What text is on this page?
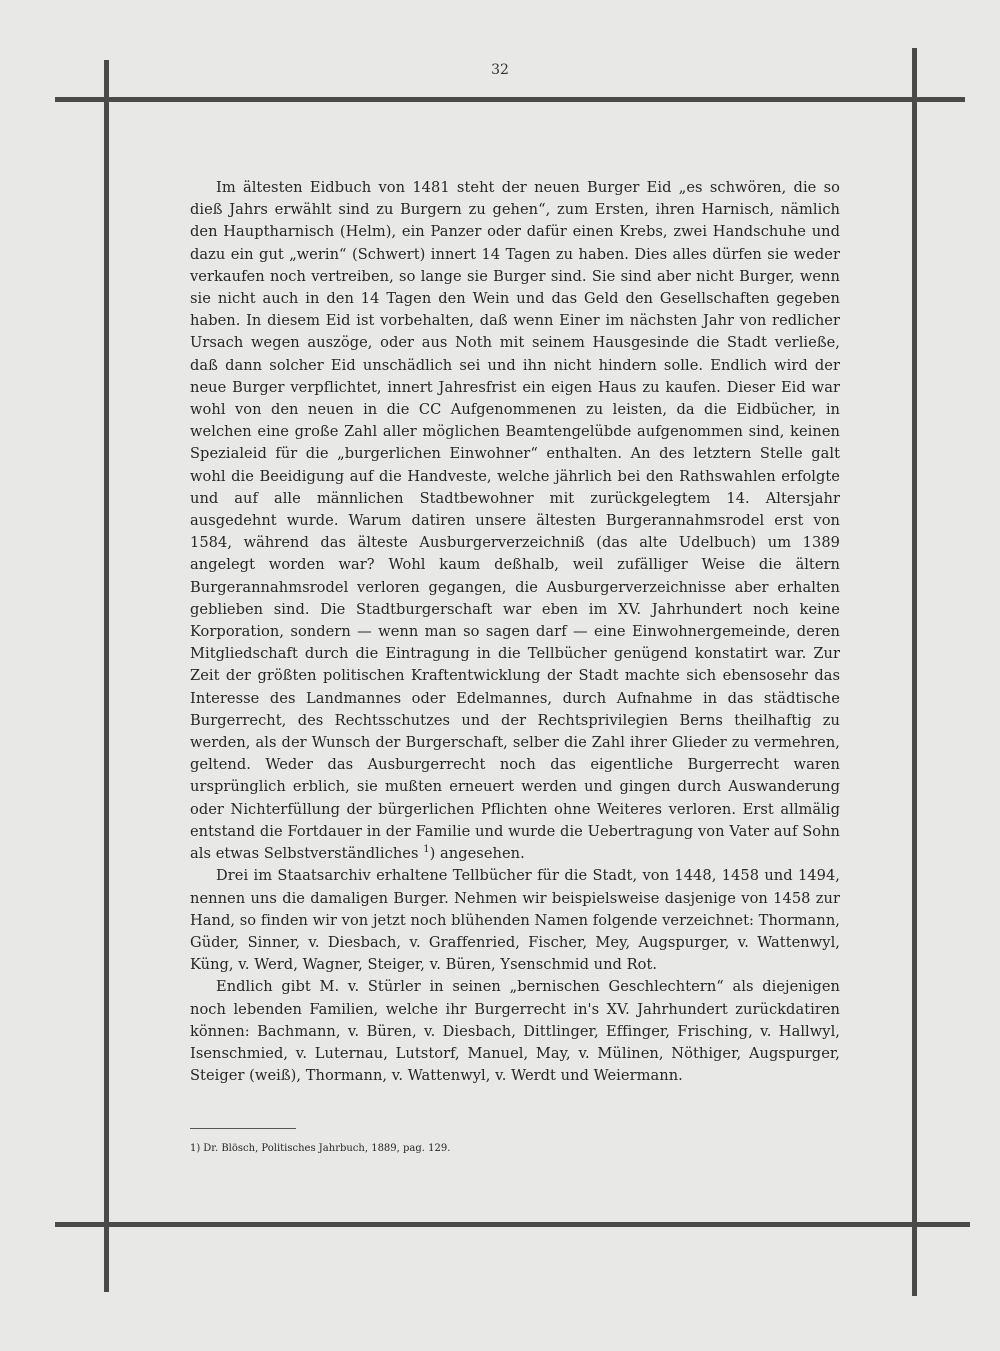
32

Im ältesten Eidbuch von 1481 steht der neuen Burger Eid „es schwören, die so dieß Jahrs erwählt sind zu Burgern zu gehen“, zum Ersten, ihren Harnisch, nämlich den Hauptharnisch (Helm), ein Panzer oder dafür einen Krebs, zwei Handschuhe und dazu ein gut „werin“ (Schwert) innert 14 Tagen zu haben. Dies alles dürfen sie weder verkaufen noch vertreiben, so lange sie Burger sind. Sie sind aber nicht Burger, wenn sie nicht auch in den 14 Tagen den Wein und das Geld den Gesellschaften gegeben haben. In diesem Eid ist vorbehalten, daß wenn Einer im nächsten Jahr von redlicher Ursach wegen auszöge, oder aus Noth mit seinem Hausgesinde die Stadt verließe, daß dann solcher Eid unschädlich sei und ihn nicht hindern solle. Endlich wird der neue Burger verpflichtet, innert Jahresfrist ein eigen Haus zu kaufen. Dieser Eid war wohl von den neuen in die CC Aufgenommenen zu leisten, da die Eidbücher, in welchen eine große Zahl aller möglichen Beamtengelübde aufgenommen sind, keinen Spezialeid für die „burgerlichen Einwohner“ enthalten. An des letztern Stelle galt wohl die Beeidigung auf die Handveste, welche jährlich bei den Rathswahlen erfolgte und auf alle männlichen Stadtbewohner mit zurückgelegtem 14. Altersjahr ausgedehnt wurde. Warum datiren unsere ältesten Burgerannahmsrodel erst von 1584, während das älteste Ausburgerverzeichniß (das alte Udelbuch) um 1389 angelegt worden war? Wohl kaum deßhalb, weil zufälliger Weise die ältern Burgerannahmsrodel verloren gegangen, die Ausburgerverzeichnisse aber erhalten geblieben sind. Die Stadtburgerschaft war eben im XV. Jahrhundert noch keine Korporation, sondern — wenn man so sagen darf — eine Einwohnergemeinde, deren Mitgliedschaft durch die Eintragung in die Tellbücher genügend konstatirt war. Zur Zeit der größten politischen Kraftentwicklung der Stadt machte sich ebensosehr das Interesse des Landmannes oder Edelmannes, durch Aufnahme in das städtische Burgerrecht, des Rechtsschutzes und der Rechtsprivilegien Berns theilhaftig zu werden, als der Wunsch der Burgerschaft, selber die Zahl ihrer Glieder zu vermehren, geltend. Weder das Ausburgerrecht noch das eigentliche Burgerrecht waren ursprünglich erblich, sie mußten erneuert werden und gingen durch Auswanderung oder Nichterfüllung der bürgerlichen Pflichten ohne Weiteres verloren. Erst allmälig entstand die Fortdauer in der Familie und wurde die Uebertragung von Vater auf Sohn als etwas Selbstverständliches $^1$) angesehen.

Drei im Staatsarchiv erhaltene Tellbücher für die Stadt, von 1448, 1458 und 1494, nennen uns die damaligen Burger. Nehmen wir beispielsweise dasjenige von 1458 zur Hand, so finden wir von jetzt noch blühenden Namen folgende verzeichnet: Thormann, Güder, Sinner, v. Diesbach, v. Graffenried, Fischer, Mey, Augspurger, v. Wattenwyl, Küng, v. Werd, Wagner, Steiger, v. Büren, Ysenschmid und Rot.

Endlich gibt M. v. Stürler in seinen „bernischen Geschlechtern“ als diejenigen noch lebenden Familien, welche ihr Burgerrecht in's XV. Jahrhundert zurückdatiren können: Bachmann, v. Büren, v. Diesbach, Dittlinger, Effinger, Frisching, v. Hallwyl, Isenschmied, v. Luternau, Lutstorf, Manuel, May, v. Mülinen, Nöthiger, Augspurger, Steiger (weiß), Thormann, v. Wattenwyl, v. Werdt und Weiermann.

1) Dr. Blösch, Politisches Jahrbuch, 1889, pag. 129.
